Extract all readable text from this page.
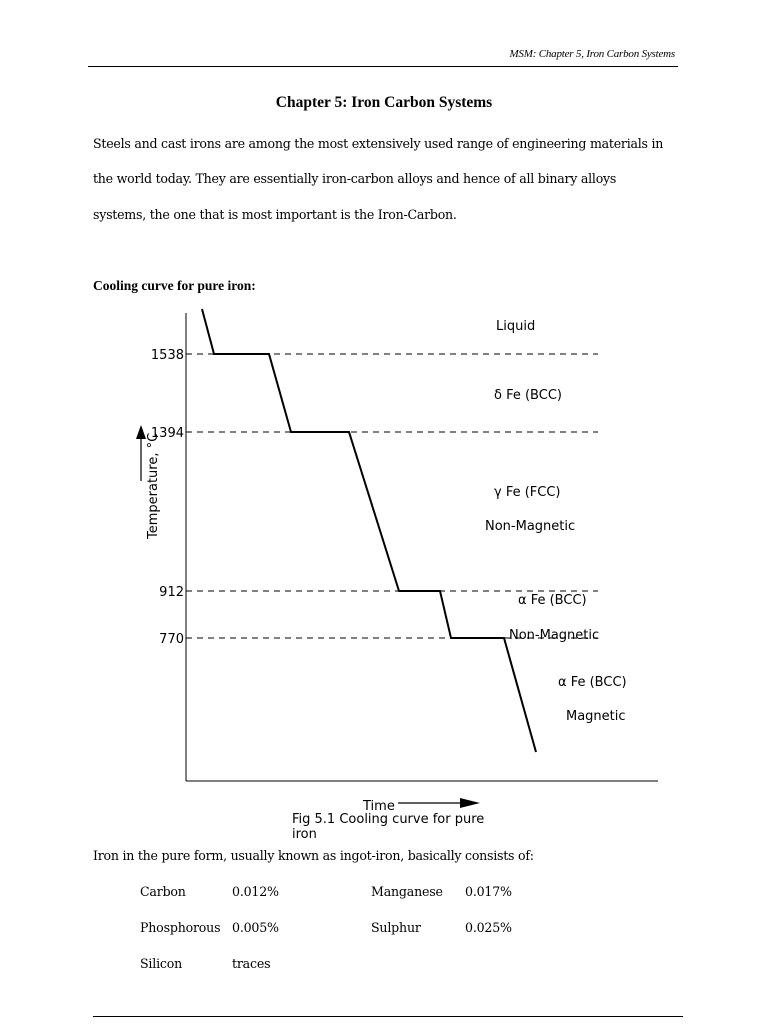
MSM: Chapter 5, Iron Carbon Systems
Chapter 5: Iron Carbon Systems
Steels and cast irons are among the most extensively used range of engineering materials in
the world today. They are essentially iron-carbon alloys and hence of all binary alloys
systems, the one that is most important is the Iron-Carbon.
Cooling curve for pure iron:
1538
1394
912
770
Temperature, °C
Liquid
δ Fe (BCC)
γ Fe (FCC)
Non-Magnetic
α Fe (BCC)
Non-Magnetic
α Fe (BCC)
Magnetic
Time
Fig 5.1 Cooling curve for pure
iron
Iron in the pure form, usually known as ingot-iron, basically consists of:
Carbon	0.012%	Manganese 0.017%
Phosphorous 0.005%	Sulphur	0.025%
Silicon	traces
